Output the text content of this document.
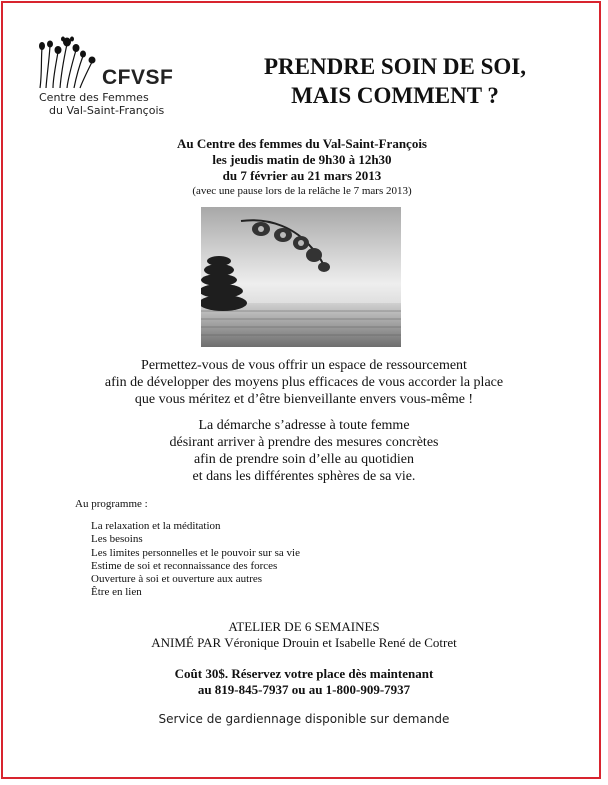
CFVSF
Centre des Femmes
du Val-Saint-François
PRENDRE SOIN DE SOI,
MAIS COMMENT ?
Au Centre des femmes du Val-Saint-François
les jeudis matin de 9h30 à 12h30
du 7 février au 21 mars 2013
(avec une pause lors de la relâche le 7 mars 2013)
Permettez-vous de vous offrir un espace de ressourcement
afin de développer des moyens plus efficaces de vous accorder la place
que vous méritez et d’être bienveillante envers vous-même !
La démarche s’adresse à toute femme
désirant arriver à prendre des mesures concrètes
afin de prendre soin d’elle au quotidien
et dans les différentes sphères de sa vie.
Au programme :
La relaxation et la méditation
Les besoins
Les limites personnelles et le pouvoir sur sa vie
Estime de soi et reconnaissance des forces
Ouverture à soi et ouverture aux autres
Être en lien
ATELIER DE 6 SEMAINES
ANIMÉ PAR Véronique Drouin et Isabelle René de Cotret
Coût 30$. Réservez votre place dès maintenant
au 819-845-7937 ou au 1-800-909-7937
Service de gardiennage disponible sur demande
